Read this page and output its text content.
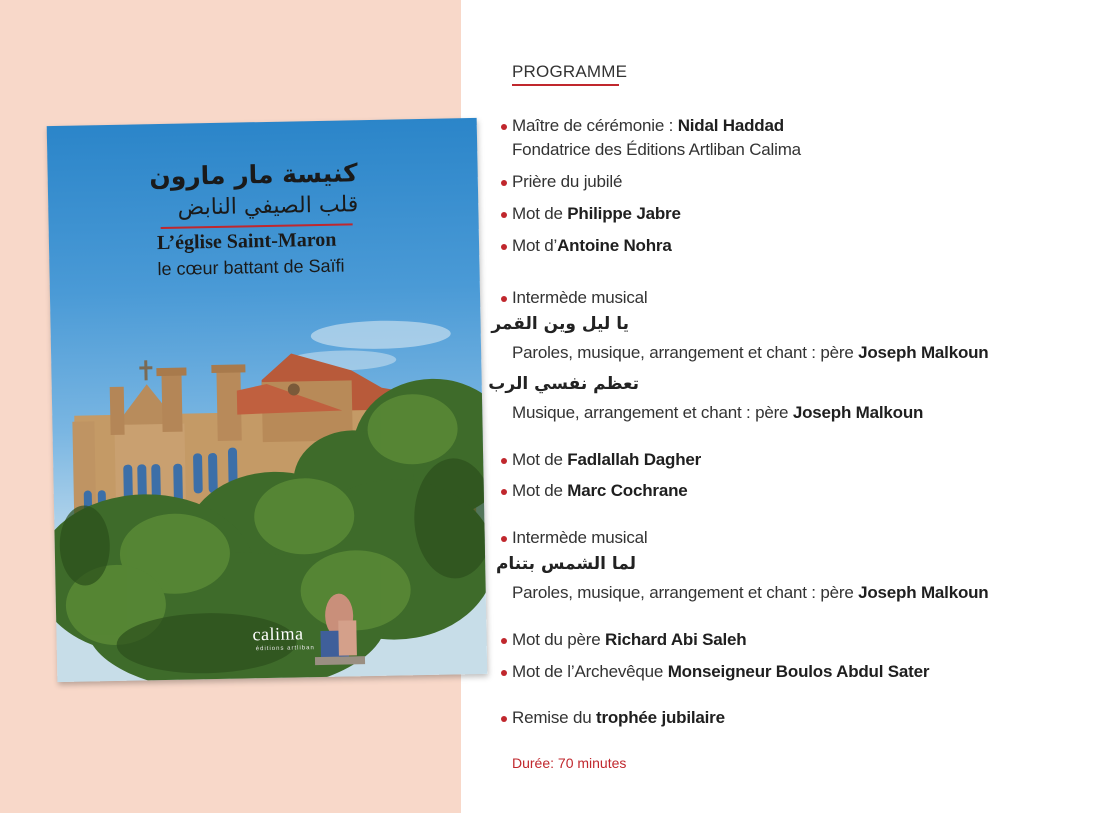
كنيسة مار مارون
قلب الصيفي النابض
L’église Saint-Maron
le cœur battant de Saïfi
calima
éditions artliban
PROGRAMME
Maître de cérémonie : Nidal Haddad
Fondatrice des Éditions Artliban Calima
Prière du jubilé
Mot de Philippe Jabre
Mot d’Antoine Nohra
Intermède musical
يا ليل وين القمر
Paroles, musique, arrangement et chant : père Joseph Malkoun
تعظم نفسي الرب
Musique, arrangement et chant : père Joseph Malkoun
Mot de Fadlallah Dagher
Mot de Marc Cochrane
Intermède musical
لما الشمس بتنام
Paroles, musique, arrangement et chant : père Joseph Malkoun
Mot du père Richard Abi Saleh
Mot de l’Archevêque Monseigneur Boulos Abdul Sater
Remise du trophée jubilaire
Durée: 70 minutes
